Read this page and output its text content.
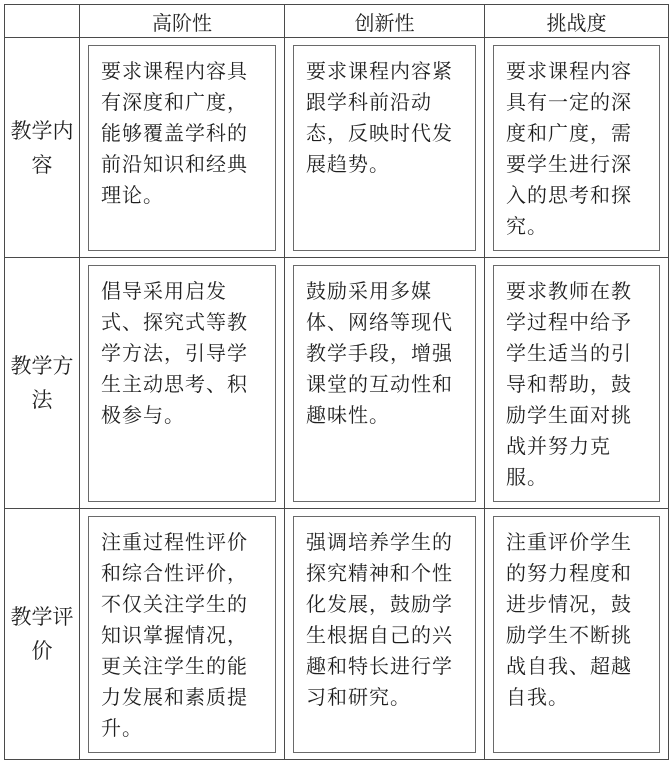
	高阶性	创新性	挑战度
教学内容	要求课程内容具有深度和广度，能够覆盖学科的前沿知识和经典理论。	要求课程内容紧跟学科前沿动态，反映时代发展趋势。	要求课程内容具有一定的深度和广度，需要学生进行深入的思考和探究。

教学方法	倡导采用启发式、探究式等教学方法，引导学生主动思考、积极参与。	鼓励采用多媒体、网络等现代教学手段，增强课堂的互动性和趣味性。	要求教师在教学过程中给予学生适当的引导和帮助，鼓励学生面对挑战并努力克服。

教学评价	注重过程性评价和综合性评价，不仅关注学生的知识掌握情况，更关注学生的能力发展和素质提升。	强调培养学生的探究精神和个性化发展，鼓励学生根据自己的兴趣和特长进行学习和研究。	注重评价学生的努力程度和进步情况，鼓励学生不断挑战自我、超越自我。
